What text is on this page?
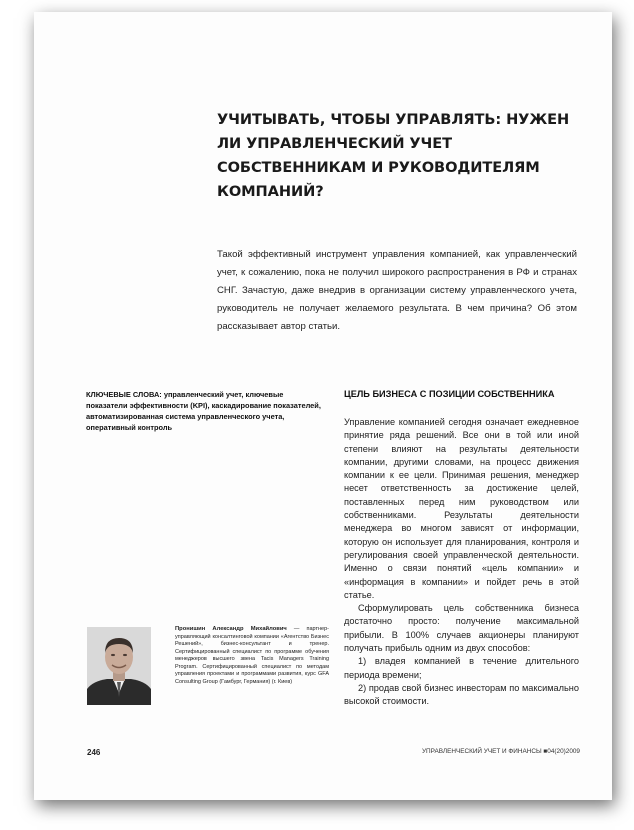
УЧИТЫВАТЬ, ЧТОБЫ УПРАВЛЯТЬ: НУЖЕН ЛИ УПРАВЛЕНЧЕСКИЙ УЧЕТ СОБСТВЕННИКАМ И РУКОВОДИТЕЛЯМ КОМПАНИЙ?

Такой эффективный инструмент управления компанией, как управленческий учет, к сожалению, пока не получил широкого распространения в РФ и странах СНГ. Зачастую, даже внедрив в организации систему управленческого учета, руководитель не получает желаемого результата. В чем причина? Об этом рассказывает автор статьи.

КЛЮЧЕВЫЕ СЛОВА: управленческий учет, ключевые показатели эффективности (KPI), каскадирование показателей, автоматизированная система управленческого учета, оперативный контроль

ЦЕЛЬ БИЗНЕСА С ПОЗИЦИИ СОБСТВЕННИКА

Управление компанией сегодня означает ежедневное принятие ряда решений. Все они в той или иной степени влияют на результаты деятельности компании, другими словами, на процесс движения компании к ее цели. Принимая решения, менеджер несет ответственность за достижение целей, поставленных перед ним руководством или собственниками. Результаты деятельности менеджера во многом зависят от информации, которую он использует для планирования, контроля и регулирования своей управленческой деятельности. Именно о связи понятий «цель компании» и «информация в компании» и пойдет речь в этой статье.

Сформулировать цель собственника бизнеса достаточно просто: получение максимальной прибыли. В 100% случаев акционеры планируют получать прибыль одним из двух способов:

1) владея компанией в течение длительного периода времени;

2) продав свой бизнес инвесторам по максимально высокой стоимости.

Пронишин Александр Михайлович — партнер-управляющий консалтинговой компании «Агентство Бизнес Решений», бизнес-консультант и тренер. Сертифицированный специалист по программе обучения менеджеров высшего звена Tacis Managers Training Program. Сертифицированный специалист по методам управления проектами и программами развития, курс GFA Consulting Group (Гамбург, Германия) (г. Киев)

246	УПРАВЛЕНЧЕСКИЙ УЧЕТ И ФИНАНСЫ ■04(20)2009
